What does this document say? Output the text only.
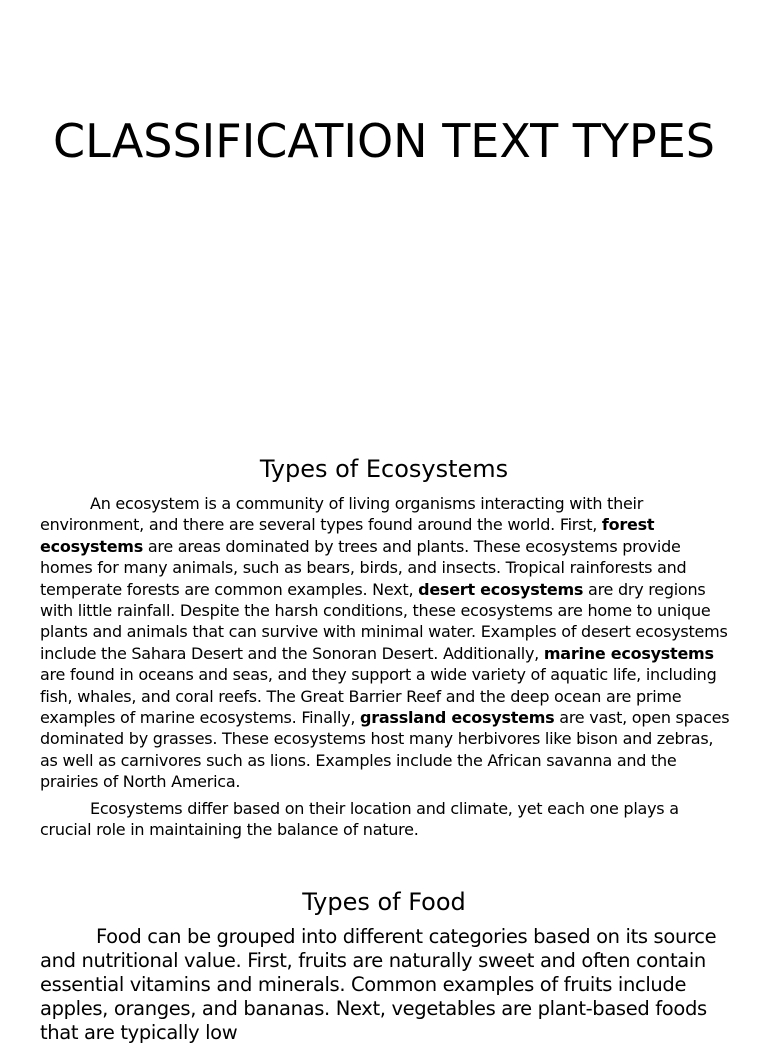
CLASSIFICATION TEXT TYPES
Types of Ecosystems

An ecosystem is a community of living organisms interacting with their environment, and there are several types found around the world. First, forest ecosystems are areas dominated by trees and plants. These ecosystems provide homes for many animals, such as bears, birds, and insects. Tropical rainforests and temperate forests are common examples. Next, desert ecosystems are dry regions with little rainfall. Despite the harsh conditions, these ecosystems are home to unique plants and animals that can survive with minimal water. Examples of desert ecosystems include the Sahara Desert and the Sonoran Desert. Additionally, marine ecosystems are found in oceans and seas, and they support a wide variety of aquatic life, including fish, whales, and coral reefs. The Great Barrier Reef and the deep ocean are prime examples of marine ecosystems. Finally, grassland ecosystems are vast, open spaces dominated by grasses. These ecosystems host many herbivores like bison and zebras, as well as carnivores such as lions. Examples include the African savanna and the prairies of North America.

Ecosystems differ based on their location and climate, yet each one plays a crucial role in maintaining the balance of nature.

Types of Food

Food can be grouped into different categories based on its source and nutritional value. First, fruits are naturally sweet and often contain essential vitamins and minerals. Common examples of fruits include apples, oranges, and bananas. Next, vegetables are plant-based foods that are typically low
